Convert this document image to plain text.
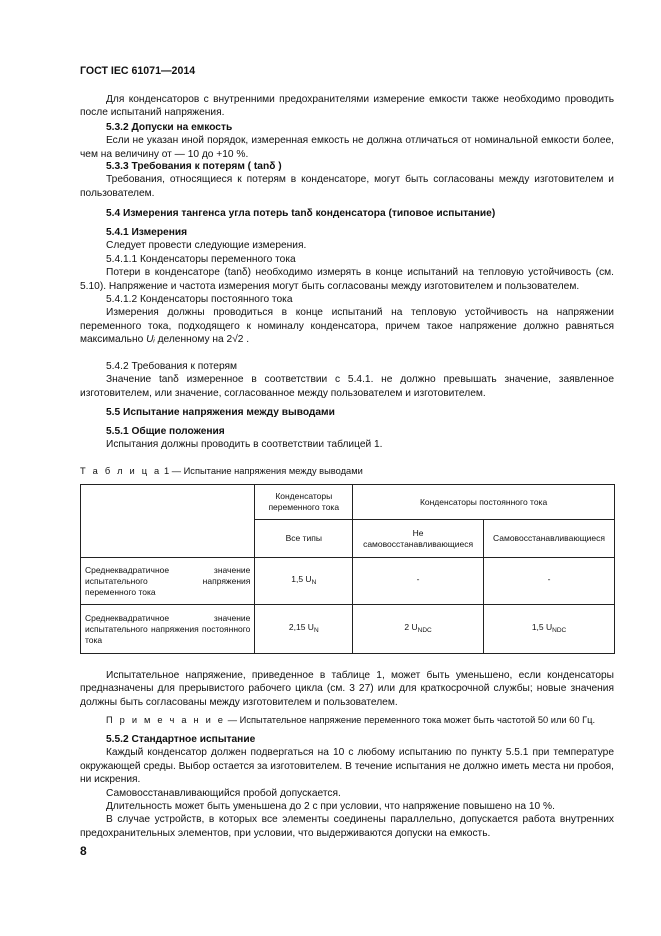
ГОСТ IEC 61071—2014

Для конденсаторов с внутренними предохранителями измерение емкости также необходимо проводить после испытаний напряжения.

5.3.2 Допуски на емкость

Если не указан иной порядок, измеренная емкость не должна отличаться от номинальной емкости более, чем на величину от — 10 до +10 %.

5.3.3 Требования к потерям ( tanδ )

Требования, относящиеся к потерям в конденсаторе, могут быть согласованы между изготовителем и пользователем.

5.4 Измерения тангенса угла потерь tanδ конденсатора (типовое испытание)

5.4.1 Измерения

Следует провести следующие измерения.

5.4.1.1 Конденсаторы переменного тока

Потери в конденсаторе (tanδ) необходимо измерять в конце испытаний на тепловую устойчивость (см. 5.10). Напряжение и частота измерения могут быть согласованы между изготовителем и пользователем.

5.4.1.2 Конденсаторы постоянного тока

Измерения должны проводиться в конце испытаний на тепловую устойчивость на напряжении переменного тока, подходящего к номиналу конденсатора, причем такое напряжение должно равняться максимально Uᵢ деленному на 2√2 .

5.4.2 Требования к потерям

Значение tanδ измеренное в соответствии с 5.4.1. не должно превышать значение, заявленное изготовителем, или значение, согласованное между пользователем и изготовителем.

5.5 Испытание напряжения между выводами

5.5.1 Общие положения

Испытания должны проводить в соответствии таблицей 1.

Т а б л и ц а 1 — Испытание напряжения между выводами
	Конденсаторы переменного тока	Конденсаторы постоянного тока	
	Все типы	Не самовосстанавливающиеся	Самовосстанавливающиеся
Среднеквадратичное значение испытательного напряжения переменного тока	1,5 $U_N$	-	-
Среднеквадратичное значение испытательного напряжения постоянного тока	2,15 $U_N$	2 $U_{NDC}$	1,5 $U_{NDC}$

Испытательное напряжение, приведенное в таблице 1, может быть уменьшено, если конденсаторы предназначены для прерывистого рабочего цикла (см. 3 27) или для краткосрочной службы; новые значения должны быть согласованы между изготовителем и пользователем.

П р и м е ч а н и е — Испытательное напряжение переменного тока может быть частотой 50 или 60 Гц.

5.5.2 Стандартное испытание

Каждый конденсатор должен подвергаться на 10 с любому испытанию по пункту 5.5.1 при температуре окружающей среды. Выбор остается за изготовителем. В течение испытания не должно иметь места ни пробоя, ни искрения.

Самовосстанавливающийся пробой допускается.

Длительность может быть уменьшена до 2 с при условии, что напряжение повышено на 10 %.

В случае устройств, в которых все элементы соединены параллельно, допускается работа внутренних предохранительных элементов, при условии, что выдерживаются допуски на емкость.

8
